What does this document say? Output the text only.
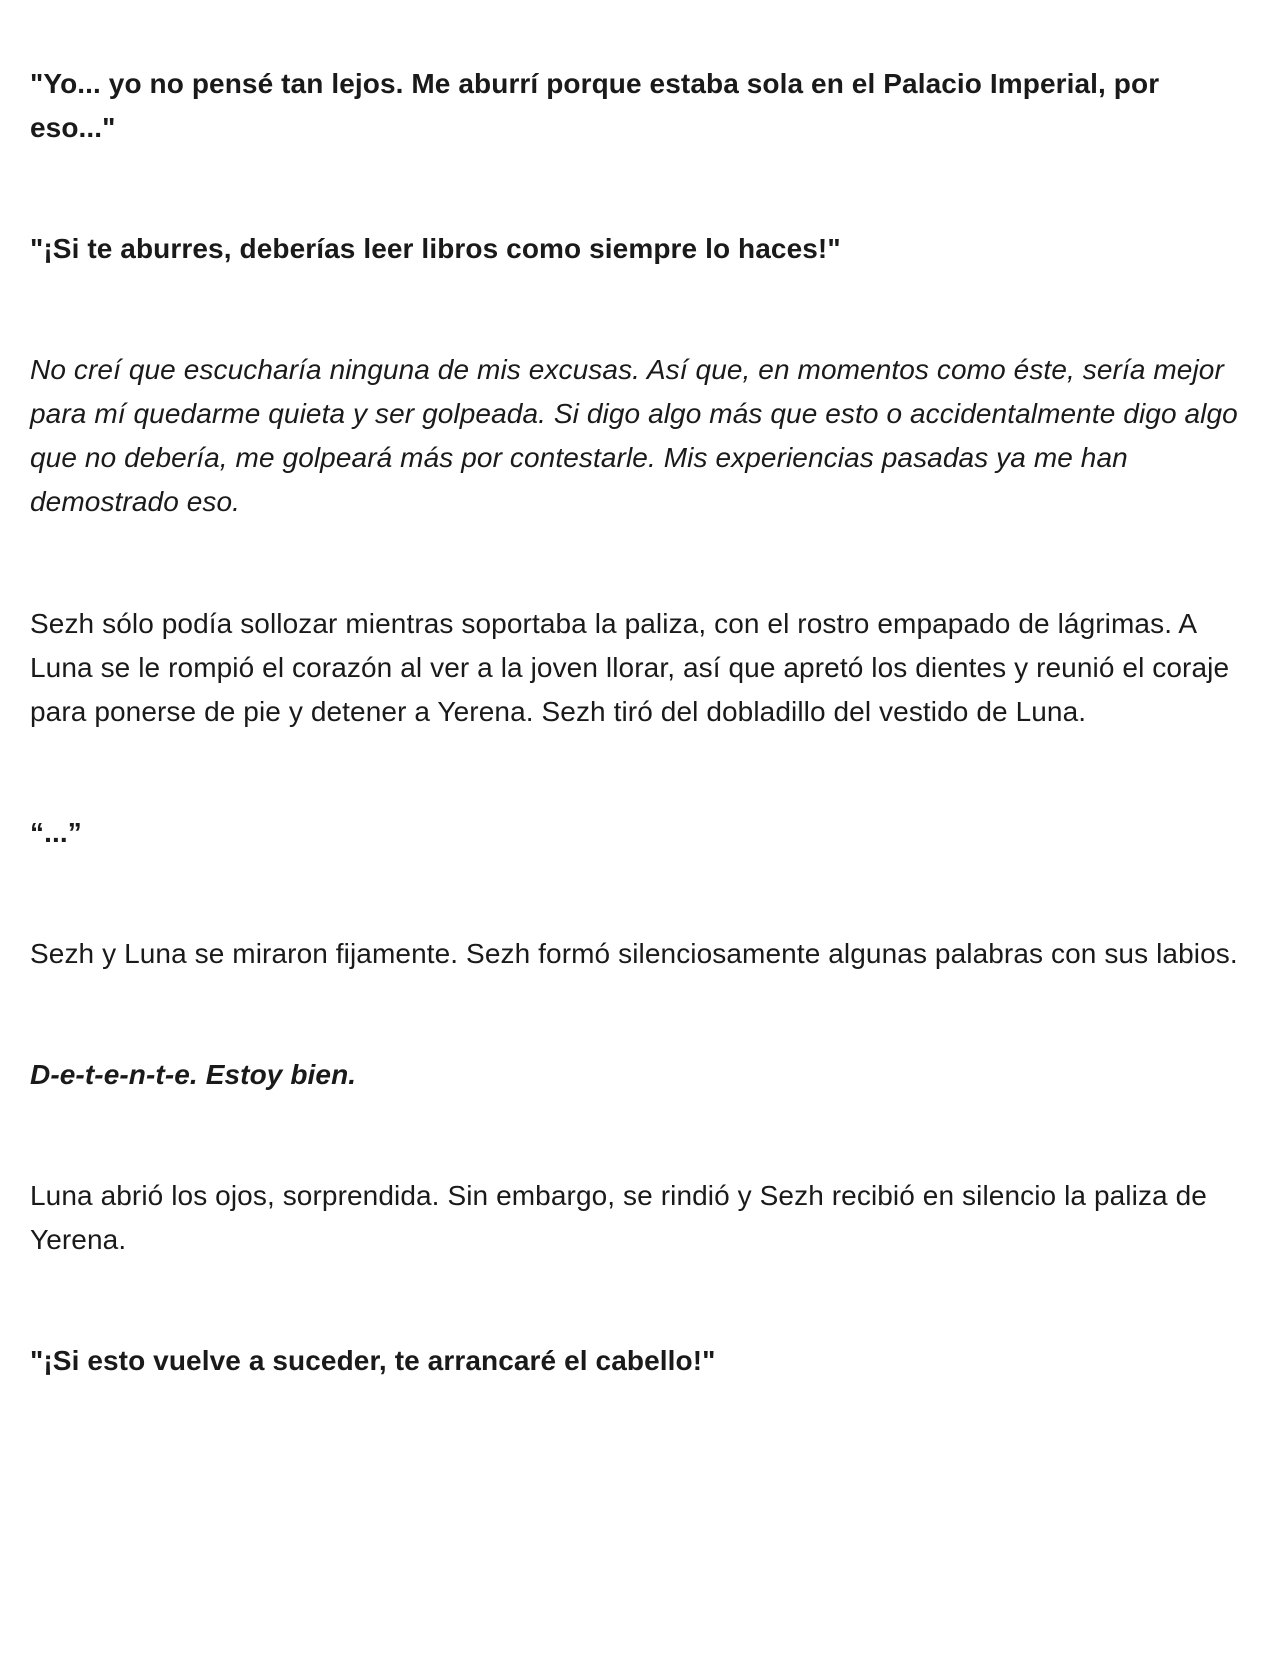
"Yo... yo no pensé tan lejos. Me aburrí porque estaba sola en el Palacio Imperial, por eso..."

"¡Si te aburres, deberías leer libros como siempre lo haces!"

No creí que escucharía ninguna de mis excusas. Así que, en momentos como éste, sería mejor para mí quedarme quieta y ser golpeada. Si digo algo más que esto o accidentalmente digo algo que no debería, me golpeará más por contestarle. Mis experiencias pasadas ya me han demostrado eso.

Sezh sólo podía sollozar mientras soportaba la paliza, con el rostro empapado de lágrimas. A Luna se le rompió el corazón al ver a la joven llorar, así que apretó los dientes y reunió el coraje para ponerse de pie y detener a Yerena. Sezh tiró del dobladillo del vestido de Luna.

“...”

Sezh y Luna se miraron fijamente. Sezh formó silenciosamente algunas palabras con sus labios.

D-e-t-e-n-t-e. Estoy bien.

Luna abrió los ojos, sorprendida. Sin embargo, se rindió y Sezh recibió en silencio la paliza de Yerena.

"¡Si esto vuelve a suceder, te arrancaré el cabello!"
